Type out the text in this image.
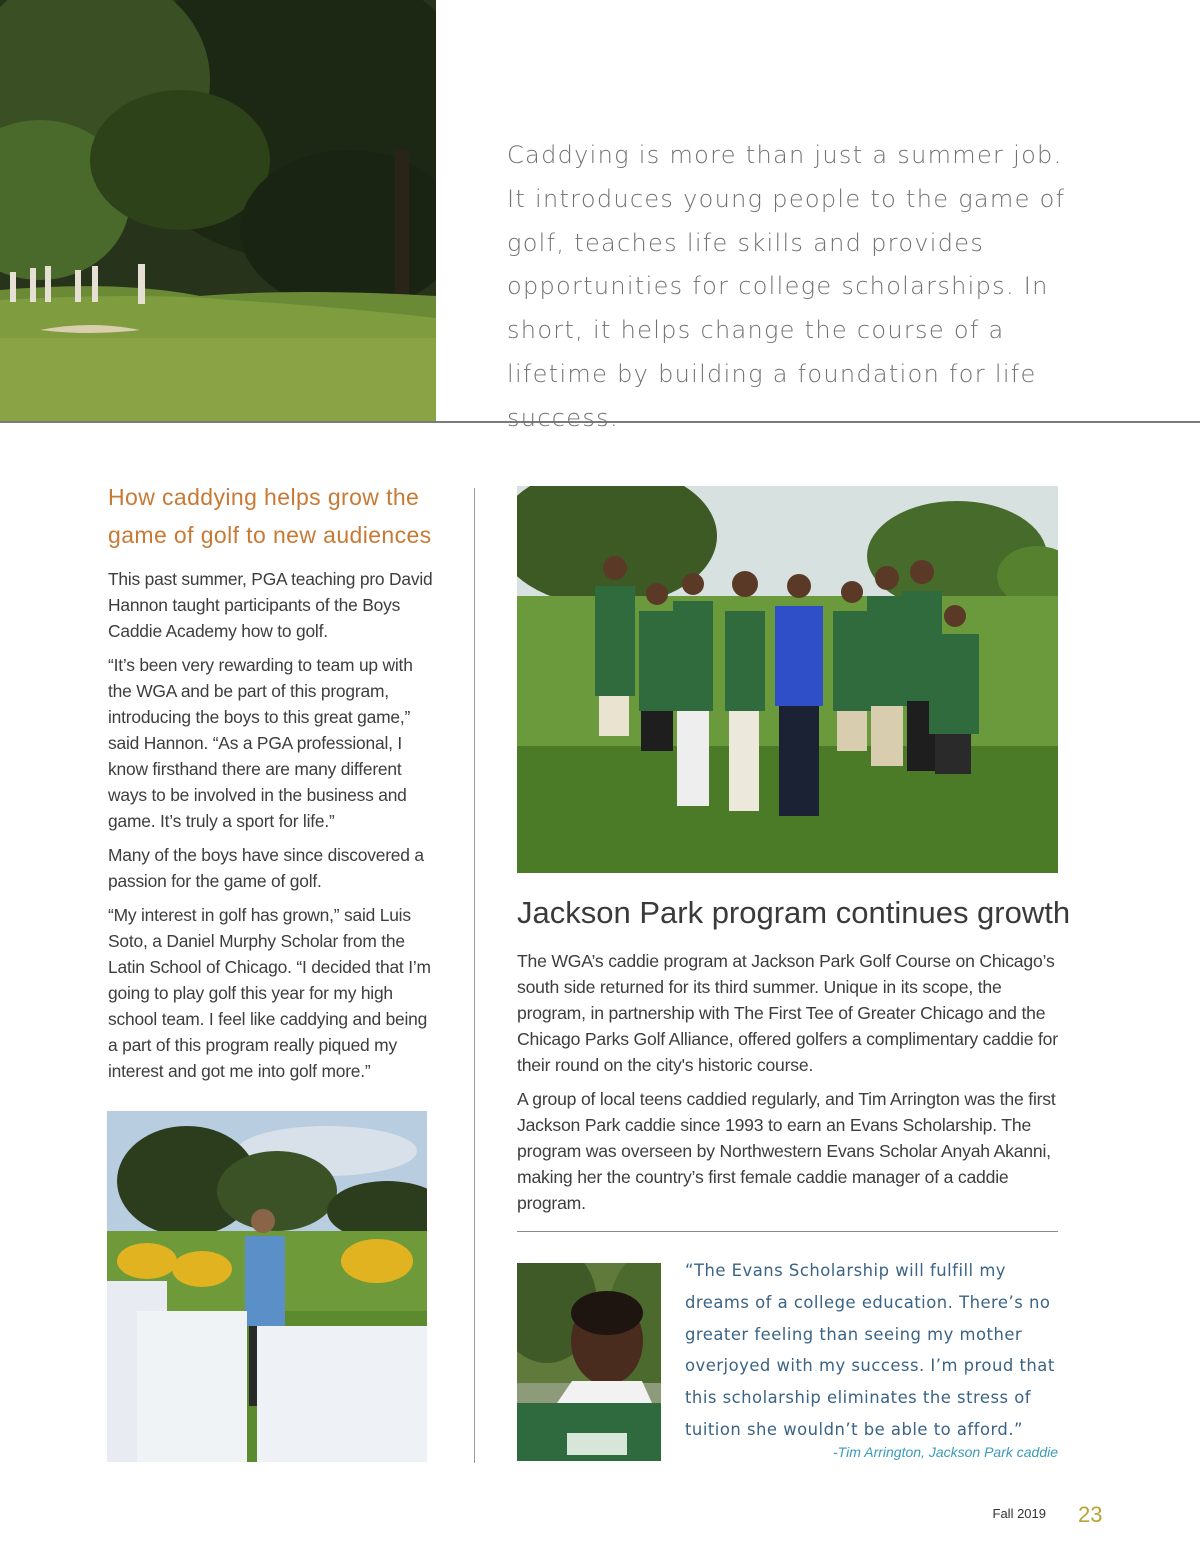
Caddying is more than just a summer job. It introduces young people to the game of golf, teaches life skills and provides opportunities for college scholarships. In short, it helps change the course of a lifetime by building a foundation for life success.
How caddying helps grow the game of golf to new audiences

This past summer, PGA teaching pro David Hannon taught participants of the Boys Caddie Academy how to golf.

“It’s been very rewarding to team up with the WGA and be part of this program, introducing the boys to this great game,” said Hannon. “As a PGA professional, I know firsthand there are many different ways to be involved in the business and game. It’s truly a sport for life.”

Many of the boys have since discovered a passion for the game of golf.

“My interest in golf has grown,” said Luis Soto, a Daniel Murphy Scholar from the Latin School of Chicago. “I decided that I’m going to play golf this year for my high school team. I feel like caddying and being a part of this program really piqued my interest and got me into golf more.”

Jackson Park program continues growth

The WGA’s caddie program at Jackson Park Golf Course on Chicago’s south side returned for its third summer. Unique in its scope, the program, in partnership with The First Tee of Greater Chicago and the Chicago Parks Golf Alliance, offered golfers a complimentary caddie for their round on the city's historic course.

A group of local teens caddied regularly, and Tim Arrington was the first Jackson Park caddie since 1993 to earn an Evans Scholarship. The program was overseen by Northwestern Evans Scholar Anyah Akanni, making her the country’s first female caddie manager of a caddie program.

“The Evans Scholarship will fulfill my dreams of a college education. There’s no greater feeling than seeing my mother overjoyed with my success. I’m proud that this scholarship eliminates the stress of tuition she wouldn’t be able to afford.”
-Tim Arrington, Jackson Park caddie
Fall 2019 23
